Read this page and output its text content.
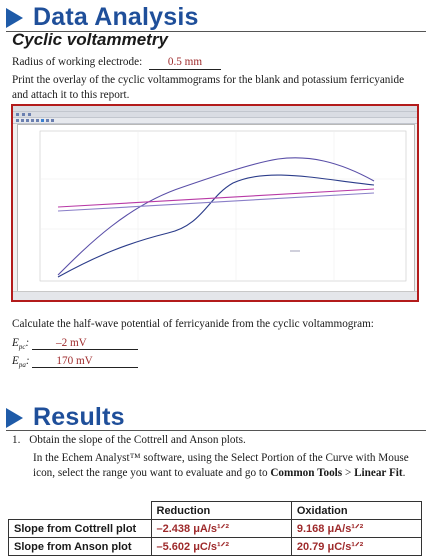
Data Analysis
Cyclic voltammetry
Radius of working electrode: 0.5 mm
Print the overlay of the cyclic voltammograms for the blank and potassium ferricyanide and attach it to this report.
Calculate the half-wave potential of ferricyanide from the cyclic voltammogram:
$E_{pc}$: –2 mV
$E_{pa}$: 170 mV
Results
1. Obtain the slope of the Cottrell and Anson plots.
In the Echem Analyst™ software, using the Select Portion of the Curve with Mouse icon, select the range you want to evaluate and go to Common Tools > Linear Fit.
	Reduction	Oxidation
Slope from Cottrell plot	–2.438 μA/s¹ᐟ²	9.168 μA/s¹ᐟ²
Slope from Anson plot	–5.602 μC/s¹ᐟ²	20.79 μC/s¹ᐟ²
